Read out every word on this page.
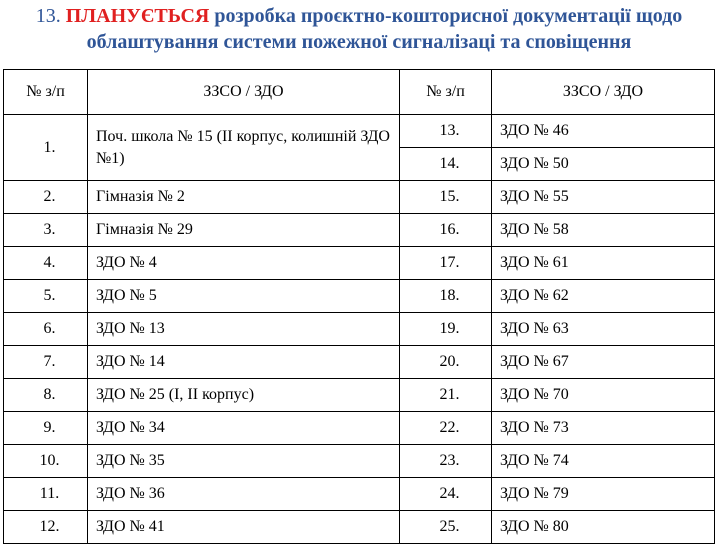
13. ПЛАНУЄТЬСЯ розробка проєктно-кошторисної документації щодо
облаштування системи пожежної сигналізаці та сповіщення
№ з/п	ЗЗСО / ЗДО	№ з/п	ЗЗСО / ЗДО
1.	Поч. школа № 15 (ІІ корпус, колишній ЗДО №1)	13.	ЗДО № 46
		14.	ЗДО № 50
2.	Гімназія № 2	15.	ЗДО № 55
3.	Гімназія № 29	16.	ЗДО № 58
4.	ЗДО № 4	17.	ЗДО № 61
5.	ЗДО № 5	18.	ЗДО № 62
6.	ЗДО № 13	19.	ЗДО № 63
7.	ЗДО № 14	20.	ЗДО № 67
8.	ЗДО № 25 (І, ІІ корпус)	21.	ЗДО № 70
9.	ЗДО № 34	22.	ЗДО № 73
10.	ЗДО № 35	23.	ЗДО № 74
11.	ЗДО № 36	24.	ЗДО № 79
12.	ЗДО № 41	25.	ЗДО № 80
